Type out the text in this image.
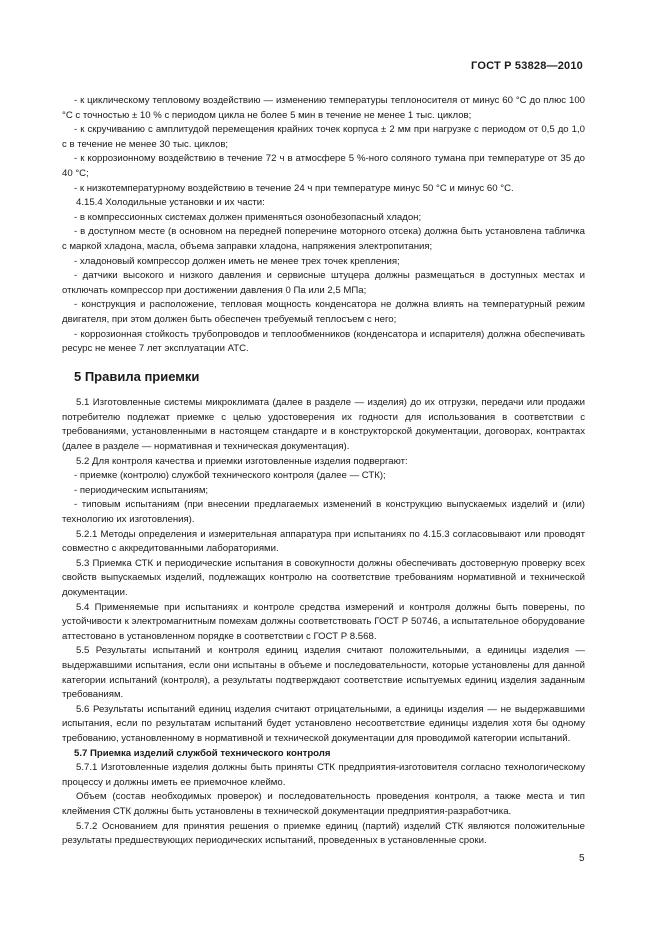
ГОСТ Р 53828—2010

- к циклическому тепловому воздействию — изменению температуры теплоносителя от минус 60 °С до плюс 100 °С с точностью ± 10 % с периодом цикла не более 5 мин в течение не менее 1 тыс. циклов;

- к скручиванию с амплитудой перемещения крайних точек корпуса ± 2 мм при нагрузке с периодом от 0,5 до 1,0 с в течение не менее 30 тыс. циклов;

- к коррозионному воздействию в течение 72 ч в атмосфере 5 %-ного соляного тумана при температуре от 35 до 40 °С;

- к низкотемпературному воздействию в течение 24 ч при температуре минус 50 °С и минус 60 °С.

4.15.4 Холодильные установки и их части:

- в компрессионных системах должен применяться озонобезопасный хладон;

- в доступном месте (в основном на передней поперечине моторного отсека) должна быть установлена табличка с маркой хладона, масла, объема заправки хладона, напряжения электропитания;

- хладоновый компрессор должен иметь не менее трех точек крепления;

- датчики высокого и низкого давления и сервисные штуцера должны размещаться в доступных местах и отключать компрессор при достижении давления 0 Па или 2,5 МПа;

- конструкция и расположение, тепловая мощность конденсатора не должна влиять на температурный режим двигателя, при этом должен быть обеспечен требуемый теплосъем с него;

- коррозионная стойкость трубопроводов и теплообменников (конденсатора и испарителя) должна обеспечивать ресурс не менее 7 лет эксплуатации АТС.

5 Правила приемки

5.1 Изготовленные системы микроклимата (далее в разделе — изделия) до их отгрузки, передачи или продажи потребителю подлежат приемке с целью удостоверения их годности для использования в соответствии с требованиями, установленными в настоящем стандарте и в конструкторской документации, договорах, контрактах (далее в разделе — нормативная и техническая документация).

5.2 Для контроля качества и приемки изготовленные изделия подвергают:

- приемке (контролю) службой технического контроля (далее — СТК);

- периодическим испытаниям;

- типовым испытаниям (при внесении предлагаемых изменений в конструкцию выпускаемых изделий и (или) технологию их изготовления).

5.2.1 Методы определения и измерительная аппаратура при испытаниях по 4.15.3 согласовывают или проводят совместно с аккредитованными лабораториями.

5.3 Приемка СТК и периодические испытания в совокупности должны обеспечивать достоверную проверку всех свойств выпускаемых изделий, подлежащих контролю на соответствие требованиям нормативной и технической документации.

5.4 Применяемые при испытаниях и контроле средства измерений и контроля должны быть поверены, по устойчивости к электромагнитным помехам должны соответствовать ГОСТ Р 50746, а испытательное оборудование аттестовано в установленном порядке в соответствии с ГОСТ Р 8.568.

5.5 Результаты испытаний и контроля единиц изделия считают положительными, а единицы изделия — выдержавшими испытания, если они испытаны в объеме и последовательности, которые установлены для данной категории испытаний (контроля), а результаты подтверждают соответствие испытуемых единиц изделия заданным требованиям.

5.6 Результаты испытаний единиц изделия считают отрицательными, а единицы изделия — не выдержавшими испытания, если по результатам испытаний будет установлено несоответствие единицы изделия хотя бы одному требованию, установленному в нормативной и технической документации для проводимой категории испытаний.

5.7 Приемка изделий службой технического контроля

5.7.1 Изготовленные изделия должны быть приняты СТК предприятия-изготовителя согласно технологическому процессу и должны иметь ее приемочное клеймо.

Объем (состав необходимых проверок) и последовательность проведения контроля, а также места и тип клеймения СТК должны быть установлены в технической документации предприятия-разработчика.

5.7.2 Основанием для принятия решения о приемке единиц (партий) изделий СТК являются положительные результаты предшествующих периодических испытаний, проведенных в установленные сроки.

5
